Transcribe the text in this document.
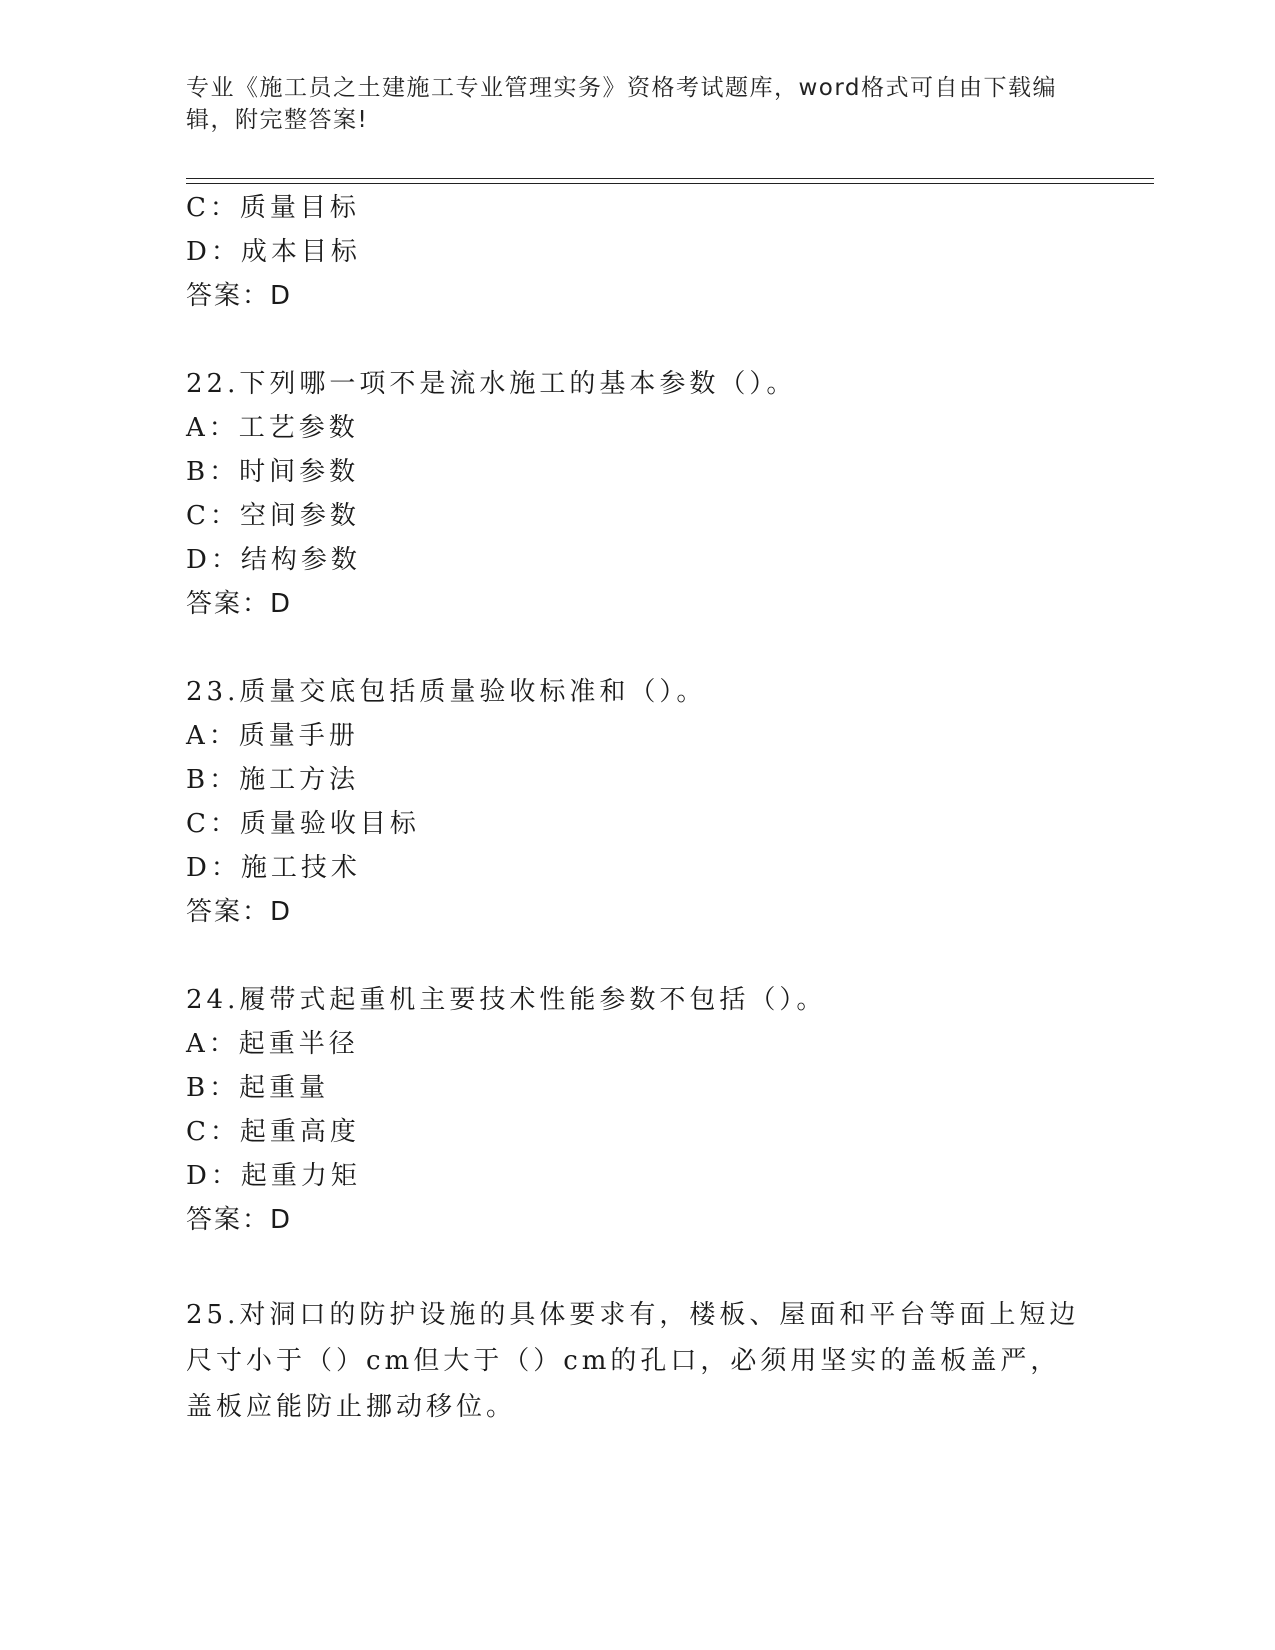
专业《施工员之土建施工专业管理实务》资格考试题库，word格式可自由下载编辑，附完整答案!
C：质量目标
D：成本目标
答案：D
22.下列哪一项不是流水施工的基本参数（）。
A：工艺参数
B：时间参数
C：空间参数
D：结构参数
答案：D
23.质量交底包括质量验收标准和（）。
A：质量手册
B：施工方法
C：质量验收目标
D：施工技术
答案：D
24.履带式起重机主要技术性能参数不包括（）。
A：起重半径
B：起重量
C：起重高度
D：起重力矩
答案：D
25.对洞口的防护设施的具体要求有，楼板、屋面和平台等面上短边尺寸小于（）cm但大于（）cm的孔口，必须用坚实的盖板盖严，盖板应能防止挪动移位。
